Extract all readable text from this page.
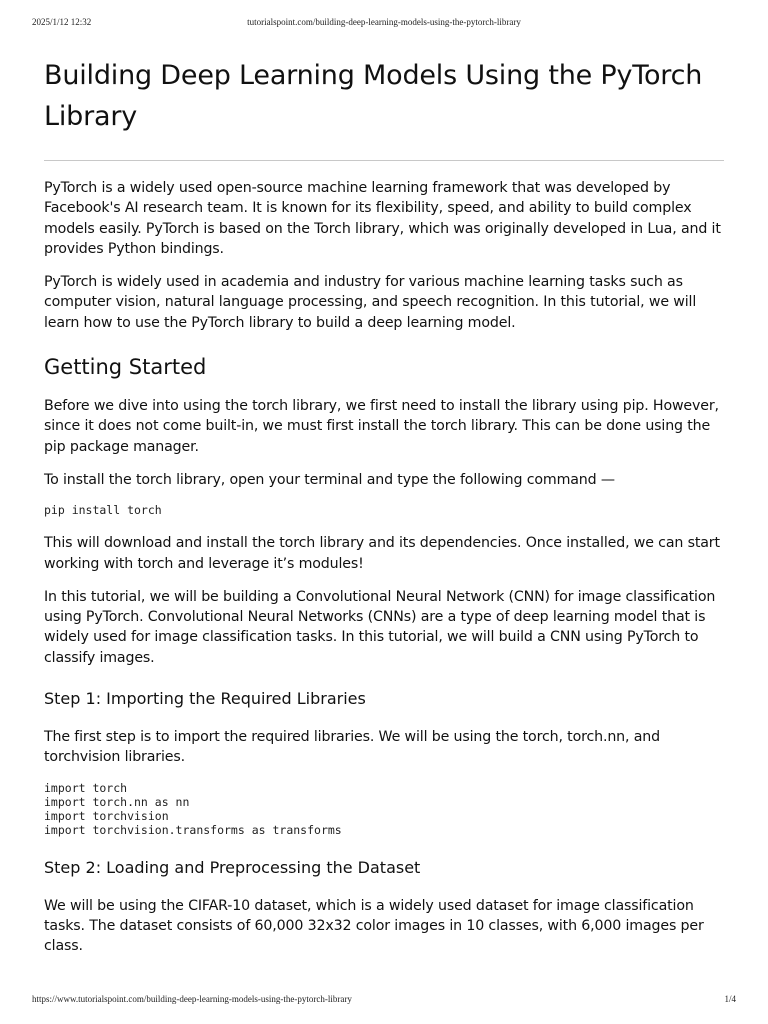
2025/1/12 12:32	tutorialspoint.com/building-deep-learning-models-using-the-pytorch-library
Building Deep Learning Models Using the PyTorch Library

PyTorch is a widely used open-source machine learning framework that was developed by Facebook's AI research team. It is known for its flexibility, speed, and ability to build complex models easily. PyTorch is based on the Torch library, which was originally developed in Lua, and it provides Python bindings.

PyTorch is widely used in academia and industry for various machine learning tasks such as computer vision, natural language processing, and speech recognition. In this tutorial, we will learn how to use the PyTorch library to build a deep learning model.

Getting Started

Before we dive into using the torch library, we first need to install the library using pip. However, since it does not come built-in, we must first install the torch library. This can be done using the pip package manager.

To install the torch library, open your terminal and type the following command —

pip install torch

This will download and install the torch library and its dependencies. Once installed, we can start working with torch and leverage it’s modules!

In this tutorial, we will be building a Convolutional Neural Network (CNN) for image classification using PyTorch. Convolutional Neural Networks (CNNs) are a type of deep learning model that is widely used for image classification tasks. In this tutorial, we will build a CNN using PyTorch to classify images.

Step 1: Importing the Required Libraries

The first step is to import the required libraries. We will be using the torch, torch.nn, and torchvision libraries.

import torch
import torch.nn as nn
import torchvision
import torchvision.transforms as transforms
Step 2: Loading and Preprocessing the Dataset

We will be using the CIFAR-10 dataset, which is a widely used dataset for image classification tasks. The dataset consists of 60,000 32x32 color images in 10 classes, with 6,000 images per class.

https://www.tutorialspoint.com/building-deep-learning-models-using-the-pytorch-library	1/4
